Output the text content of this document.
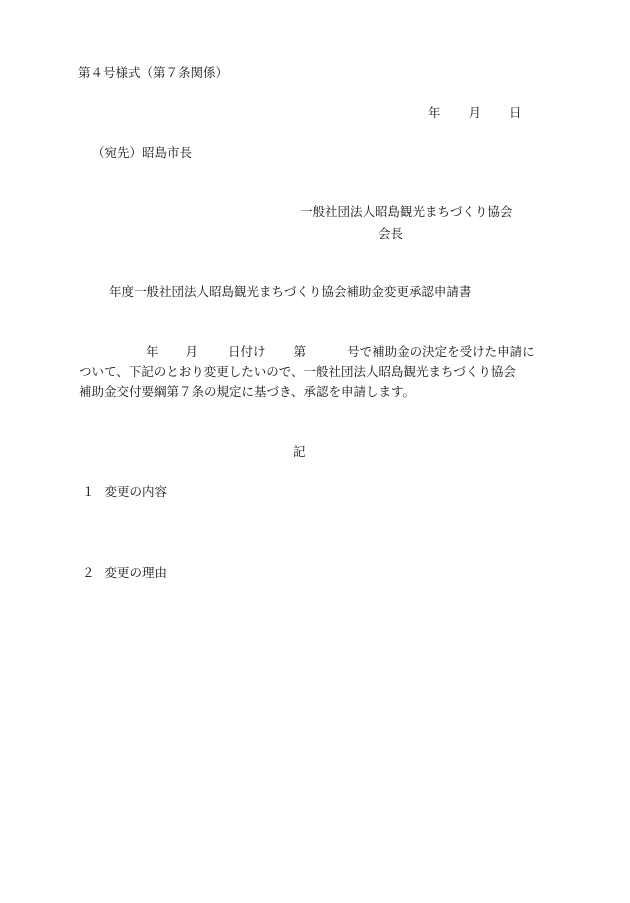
第４号様式（第７条関係）
年 月 日
（宛先）昭島市長
一般社団法人昭島観光まちづくり協会
会長
年度一般社団法人昭島観光まちづくり協会補助金変更承認申請書
年 月 日付け 第	号で補助金の決定を受けた申請に
ついて、下記のとおり変更したいので、一般社団法人昭島観光まちづくり協会
補助金交付要綱第７条の規定に基づき、承認を申請します。
記
１ 変更の内容
２ 変更の理由
